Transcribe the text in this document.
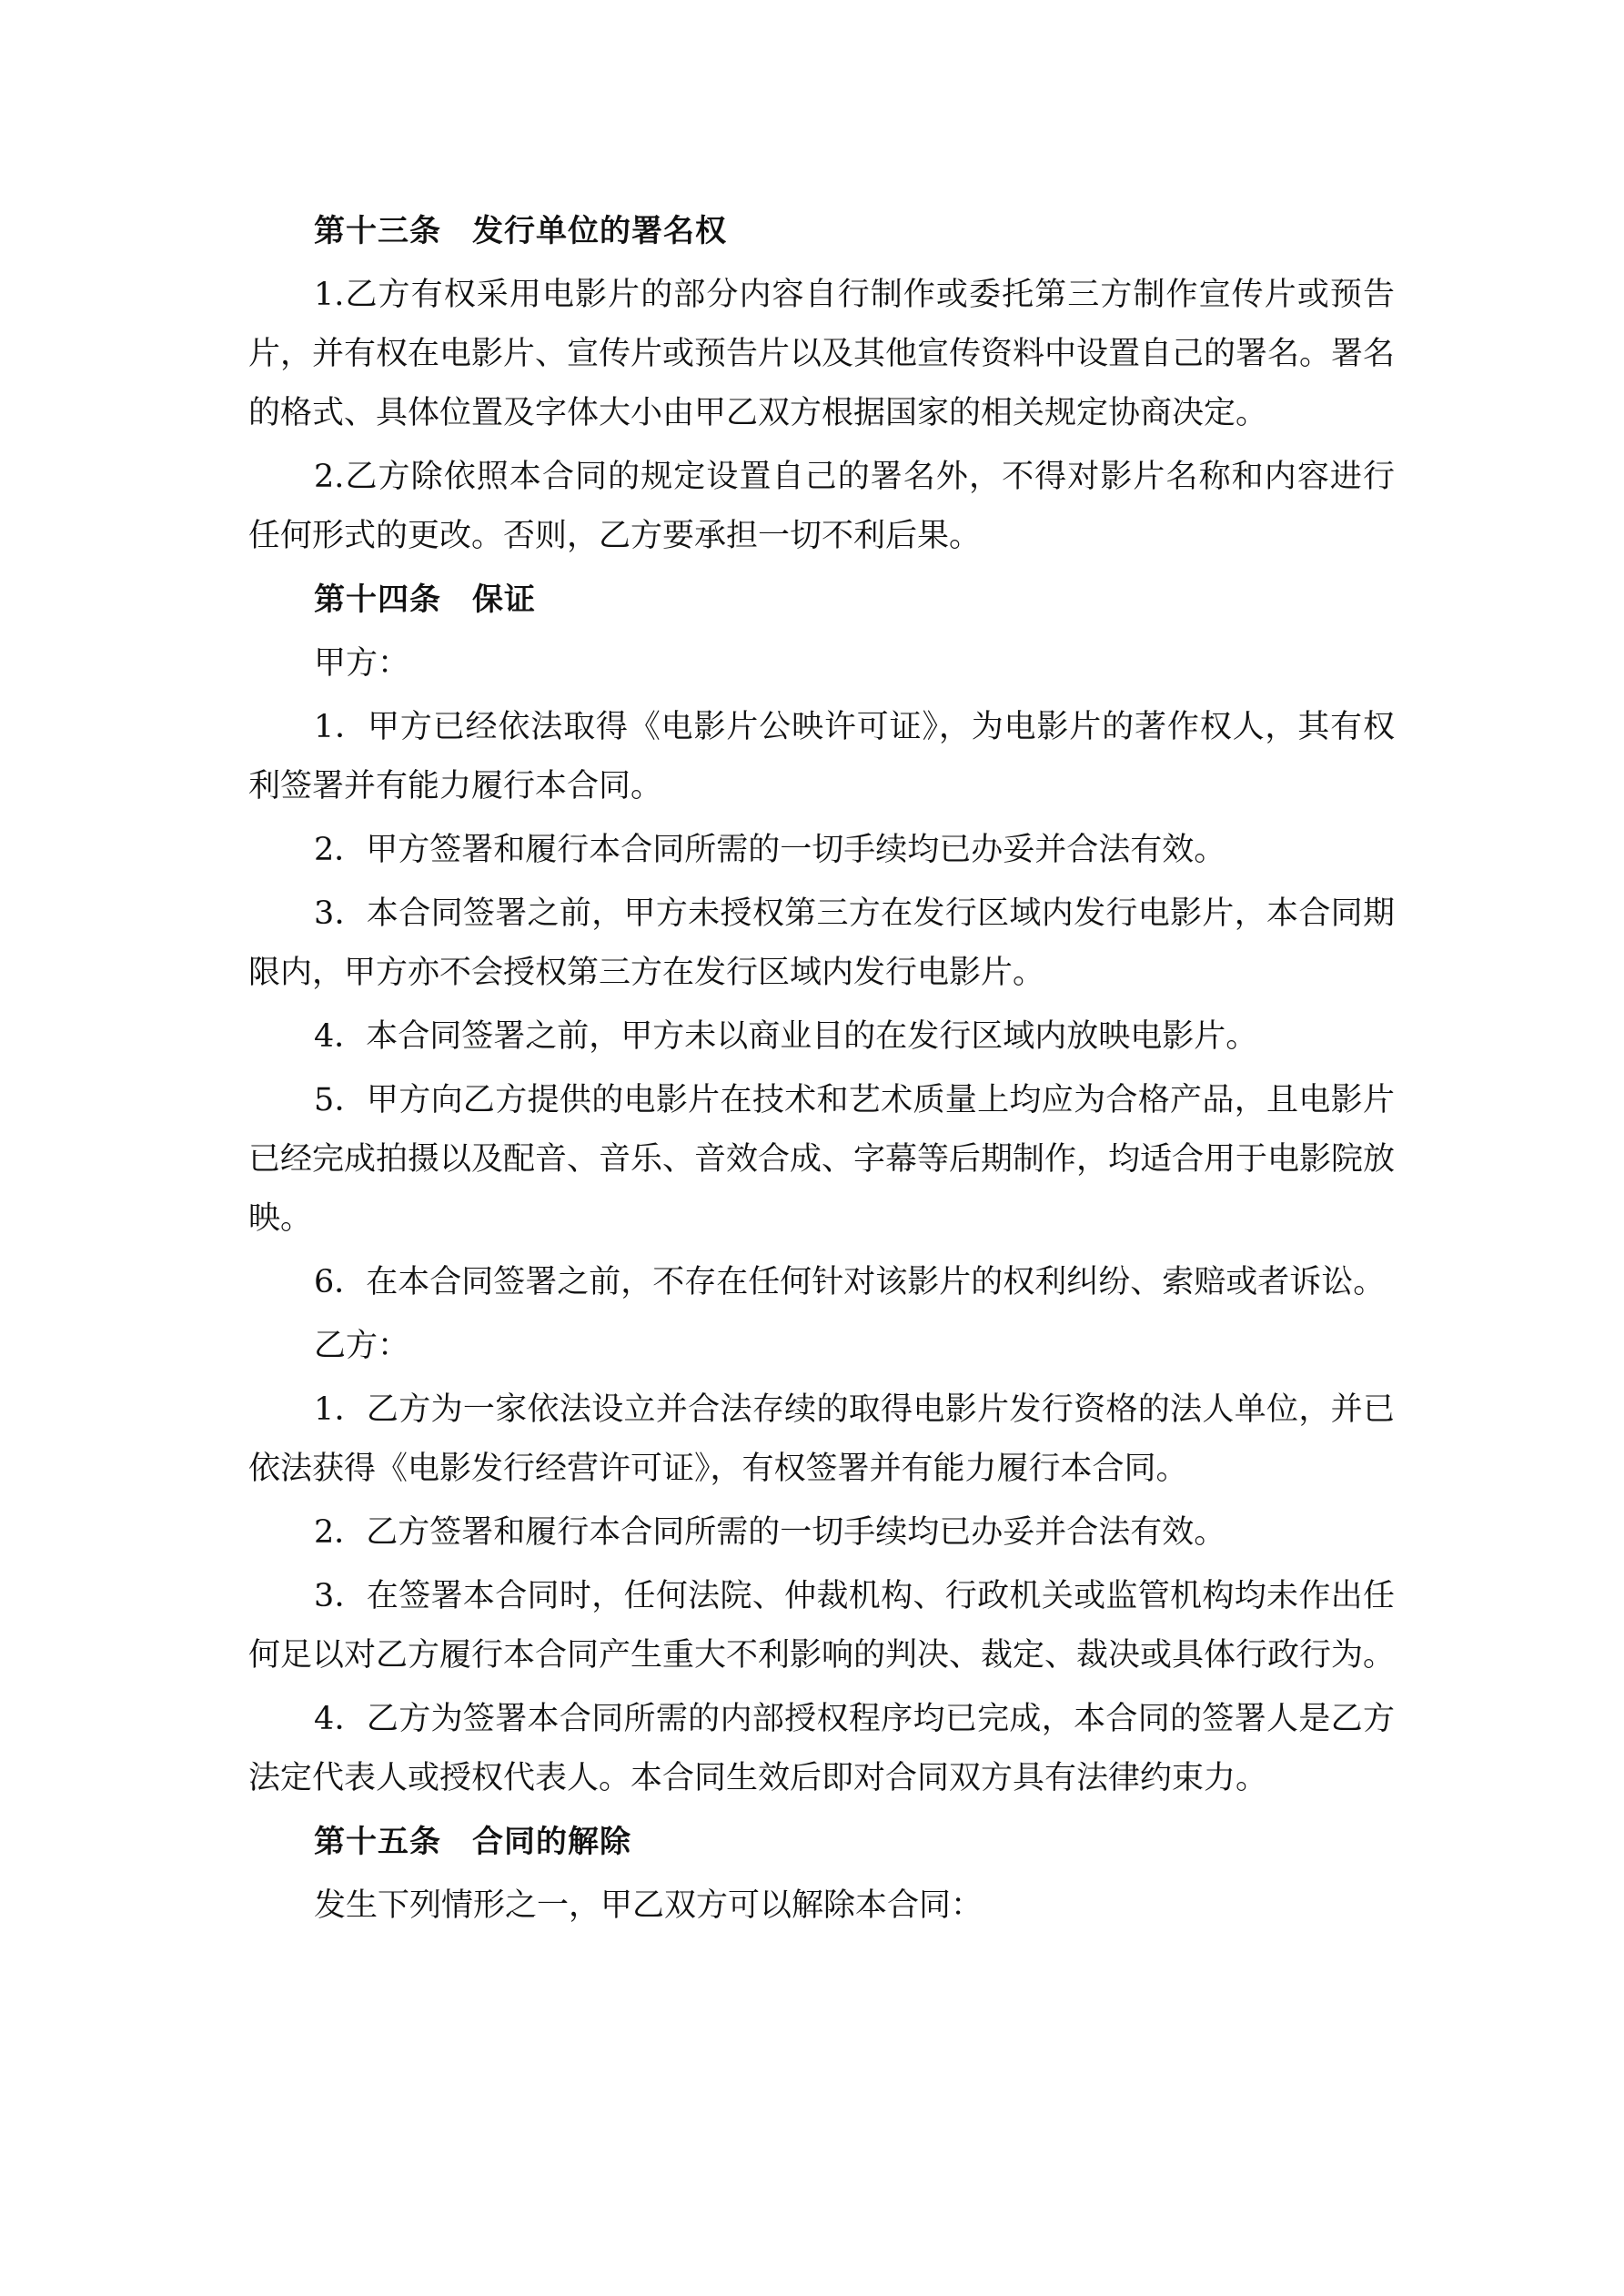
第十三条 发行单位的署名权

1.乙方有权采用电影片的部分内容自行制作或委托第三方制作宣传片或预告片，并有权在电影片、宣传片或预告片以及其他宣传资料中设置自己的署名。署名的格式、具体位置及字体大小由甲乙双方根据国家的相关规定协商决定。

2.乙方除依照本合同的规定设置自己的署名外，不得对影片名称和内容进行任何形式的更改。否则，乙方要承担一切不利后果。

第十四条 保证

甲方：

1．甲方已经依法取得《电影片公映许可证》，为电影片的著作权人，其有权利签署并有能力履行本合同。

2．甲方签署和履行本合同所需的一切手续均已办妥并合法有效。

3．本合同签署之前，甲方未授权第三方在发行区域内发行电影片，本合同期限内，甲方亦不会授权第三方在发行区域内发行电影片。

4．本合同签署之前，甲方未以商业目的在发行区域内放映电影片。

5．甲方向乙方提供的电影片在技术和艺术质量上均应为合格产品，且电影片已经完成拍摄以及配音、音乐、音效合成、字幕等后期制作，均适合用于电影院放映。

6．在本合同签署之前，不存在任何针对该影片的权利纠纷、索赔或者诉讼。

乙方：

1．乙方为一家依法设立并合法存续的取得电影片发行资格的法人单位，并已依法获得《电影发行经营许可证》，有权签署并有能力履行本合同。

2．乙方签署和履行本合同所需的一切手续均已办妥并合法有效。

3．在签署本合同时，任何法院、仲裁机构、行政机关或监管机构均未作出任何足以对乙方履行本合同产生重大不利影响的判决、裁定、裁决或具体行政行为。

4．乙方为签署本合同所需的内部授权程序均已完成，本合同的签署人是乙方法定代表人或授权代表人。本合同生效后即对合同双方具有法律约束力。

第十五条 合同的解除

发生下列情形之一，甲乙双方可以解除本合同：
